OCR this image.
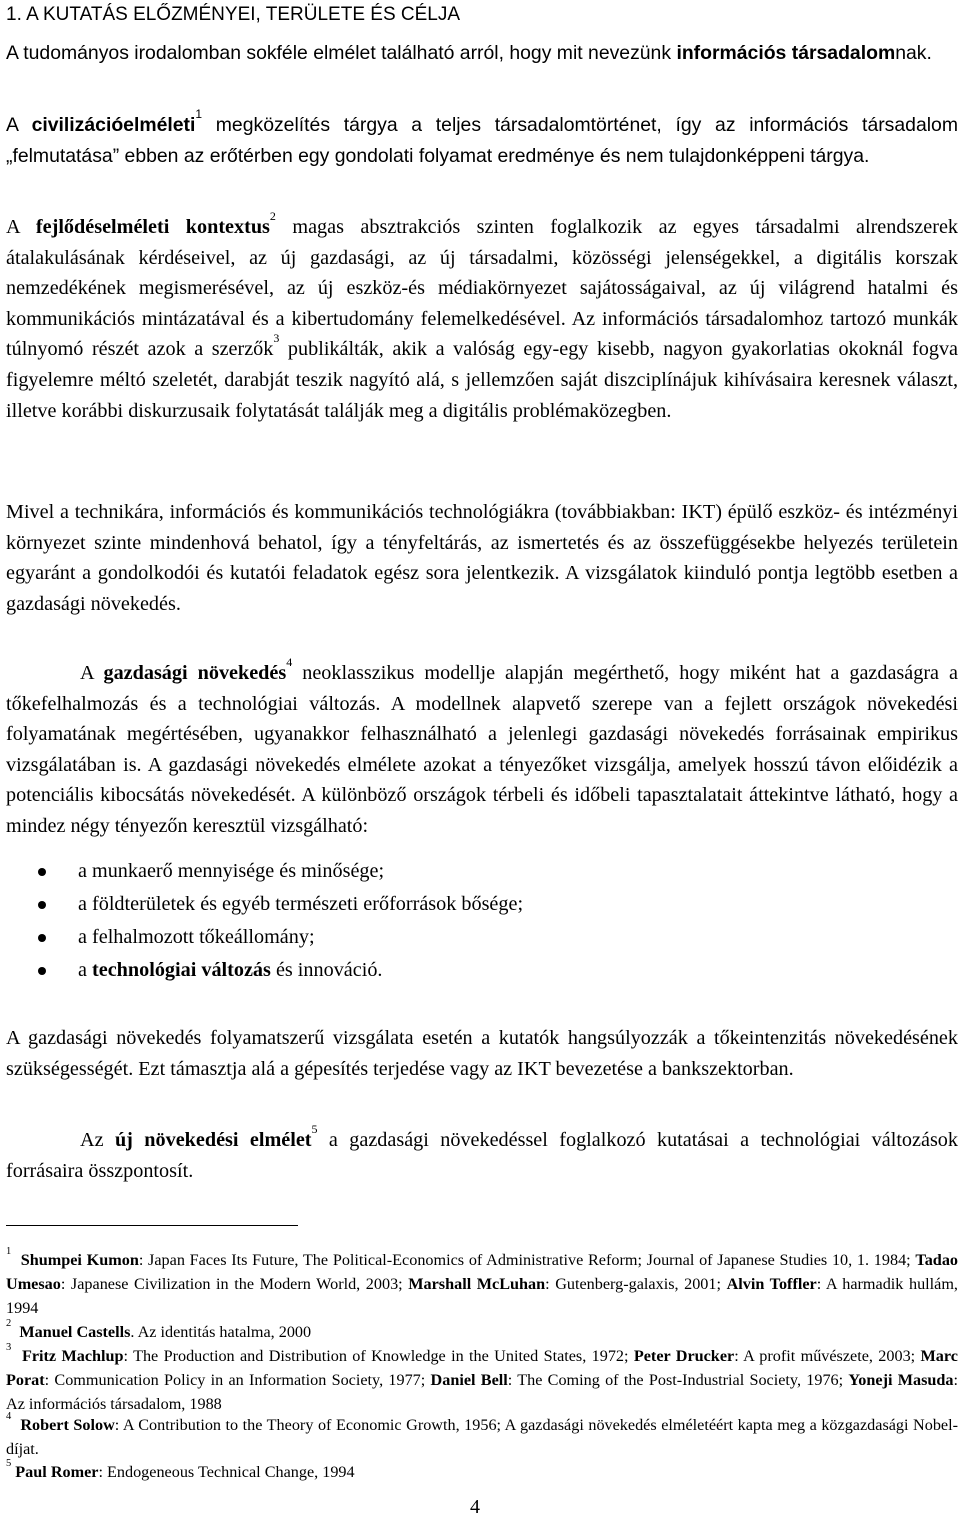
1. A KUTATÁS ELŐZMÉNYEI, TERÜLETE ÉS CÉLJA

A tudományos irodalomban sokféle elmélet található arról, hogy mit nevezünk információs társadalomnak.

A civilizációelméleti$^1$ megközelítés tárgya a teljes társadalomtörténet, így az információs társadalom „felmutatása” ebben az erőtérben egy gondolati folyamat eredménye és nem tulajdonképpeni tárgya.

A fejlődéselméleti kontextus$^2$ magas absztrakciós szinten foglalkozik az egyes társadalmi alrendszerek átalakulásának kérdéseivel, az új gazdasági, az új társadalmi, közösségi jelenségekkel, a digitális korszak nemzedékének megismerésével, az új eszköz-és médiakörnyezet sajátosságaival, az új világrend hatalmi és kommunikációs mintázatával és a kibertudomány felemelkedésével. Az információs társadalomhoz tartozó munkák túlnyomó részét azok a szerzők$^3$ publikálták, akik a valóság egy-egy kisebb, nagyon gyakorlatias okoknál fogva figyelemre méltó szeletét, darabját teszik nagyító alá, s jellemzően saját diszciplínájuk kihívásaira keresnek választ, illetve korábbi diskurzusaik folytatását találják meg a digitális problémaközegben.

Mivel a technikára, információs és kommunikációs technológiákra (továbbiakban: IKT) épülő eszköz- és intézményi környezet szinte mindenhová behatol, így a tényfeltárás, az ismertetés és az összefüggésekbe helyezés területein egyaránt a gondolkodói és kutatói feladatok egész sora jelentkezik. A vizsgálatok kiinduló pontja legtöbb esetben a gazdasági növekedés.

A gazdasági növekedés$^4$ neoklasszikus modellje alapján megérthető, hogy miként hat a gazdaságra a tőkefelhalmozás és a technológiai változás. A modellnek alapvető szerepe van a fejlett országok növekedési folyamatának megértésében, ugyanakkor felhasználható a jelenlegi gazdasági növekedés forrásainak empirikus vizsgálatában is. A gazdasági növekedés elmélete azokat a tényezőket vizsgálja, amelyek hosszú távon előidézik a potenciális kibocsátás növekedését. A különböző országok térbeli és időbeli tapasztalatait áttekintve látható, hogy a mindez négy tényezőn keresztül vizsgálható:

a munkaerő mennyisége és minősége;
a földterületek és egyéb természeti erőforrások bősége;
a felhalmozott tőkeállomány;
a technológiai változás és innováció.

A gazdasági növekedés folyamatszerű vizsgálata esetén a kutatók hangsúlyozzák a tőkeintenzitás növekedésének szükségességét. Ezt támasztja alá a gépesítés terjedése vagy az IKT bevezetése a bankszektorban.

Az új növekedési elmélet$^5$ a gazdasági növekedéssel foglalkozó kutatásai a technológiai változások forrásaira összpontosít.

$^1$ Shumpei Kumon: Japan Faces Its Future, The Political-Economics of Administrative Reform; Journal of Japanese Studies 10, 1. 1984; Tadao Umesao: Japanese Civilization in the Modern World, 2003; Marshall McLuhan: Gutenberg-galaxis, 2001; Alvin Toffler: A harmadik hullám, 1994

$^2$ Manuel Castells. Az identitás hatalma, 2000

$^3$ Fritz Machlup: The Production and Distribution of Knowledge in the United States, 1972; Peter Drucker: A profit művészete, 2003; Marc Porat: Communication Policy in an Information Society, 1977; Daniel Bell: The Coming of the Post-Industrial Society, 1976; Yoneji Masuda: Az információs társadalom, 1988

$^4$ Robert Solow: A Contribution to the Theory of Economic Growth, 1956; A gazdasági növekedés elméletéért kapta meg a közgazdasági Nobel-díjat.

$^5$ Paul Romer: Endogeneous Technical Change, 1994

4
